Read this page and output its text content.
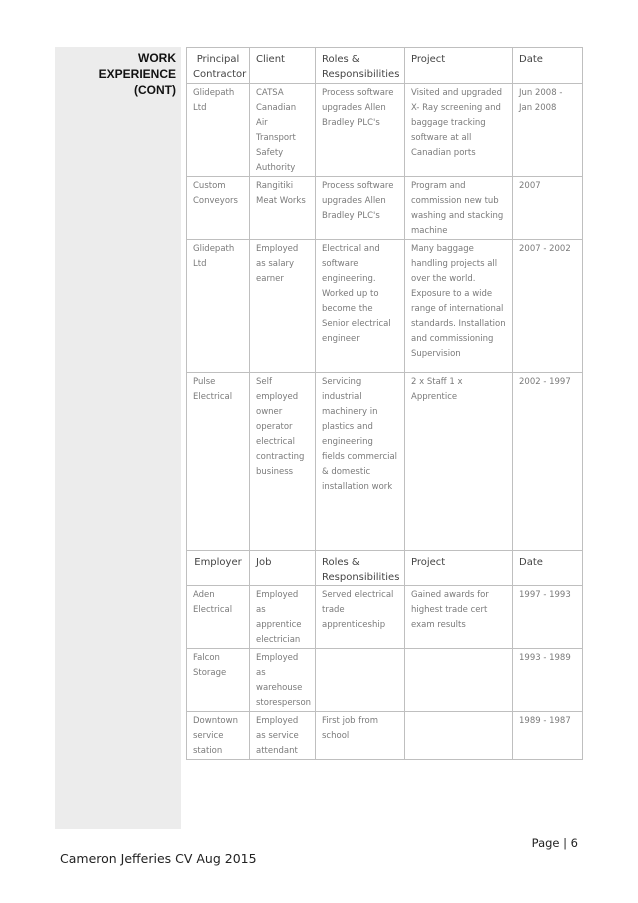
WORK EXPERIENCE
(CONT)
Principal Contractor	Client	Roles & Responsibilities	Project	Date
Glidepath Ltd	CATSA Canadian Air Transport Safety Authority	Process software upgrades Allen Bradley PLC's	Visited and upgraded X- Ray screening and baggage tracking software at all Canadian ports	Jun 2008 - Jan 2008
Custom Conveyors	Rangitiki Meat Works	Process software upgrades Allen Bradley PLC's	Program and commission new tub washing and stacking machine	2007
Glidepath Ltd	Employed as salary earner	Electrical and software engineering. Worked up to become the Senior electrical engineer	Many baggage handling projects all over the world. Exposure to a wide range of international standards. Installation and commissioning Supervision	2007 - 2002
Pulse Electrical	Self employed owner operator electrical contracting business	Servicing industrial machinery in plastics and engineering fields commercial & domestic installation work	2 x Staff 1 x Apprentice	2002 - 1997
Employer	Job	Roles & Responsibilities	Project	Date
Aden Electrical	Employed as apprentice electrician	Served electrical trade apprenticeship	Gained awards for highest trade cert exam results	1997 - 1993
Falcon Storage	Employed as warehouse storesperson			1993 - 1989
Downtown service station	Employed as service attendant	First job from school		1989 - 1987
Page | 6
Cameron Jefferies CV Aug 2015
